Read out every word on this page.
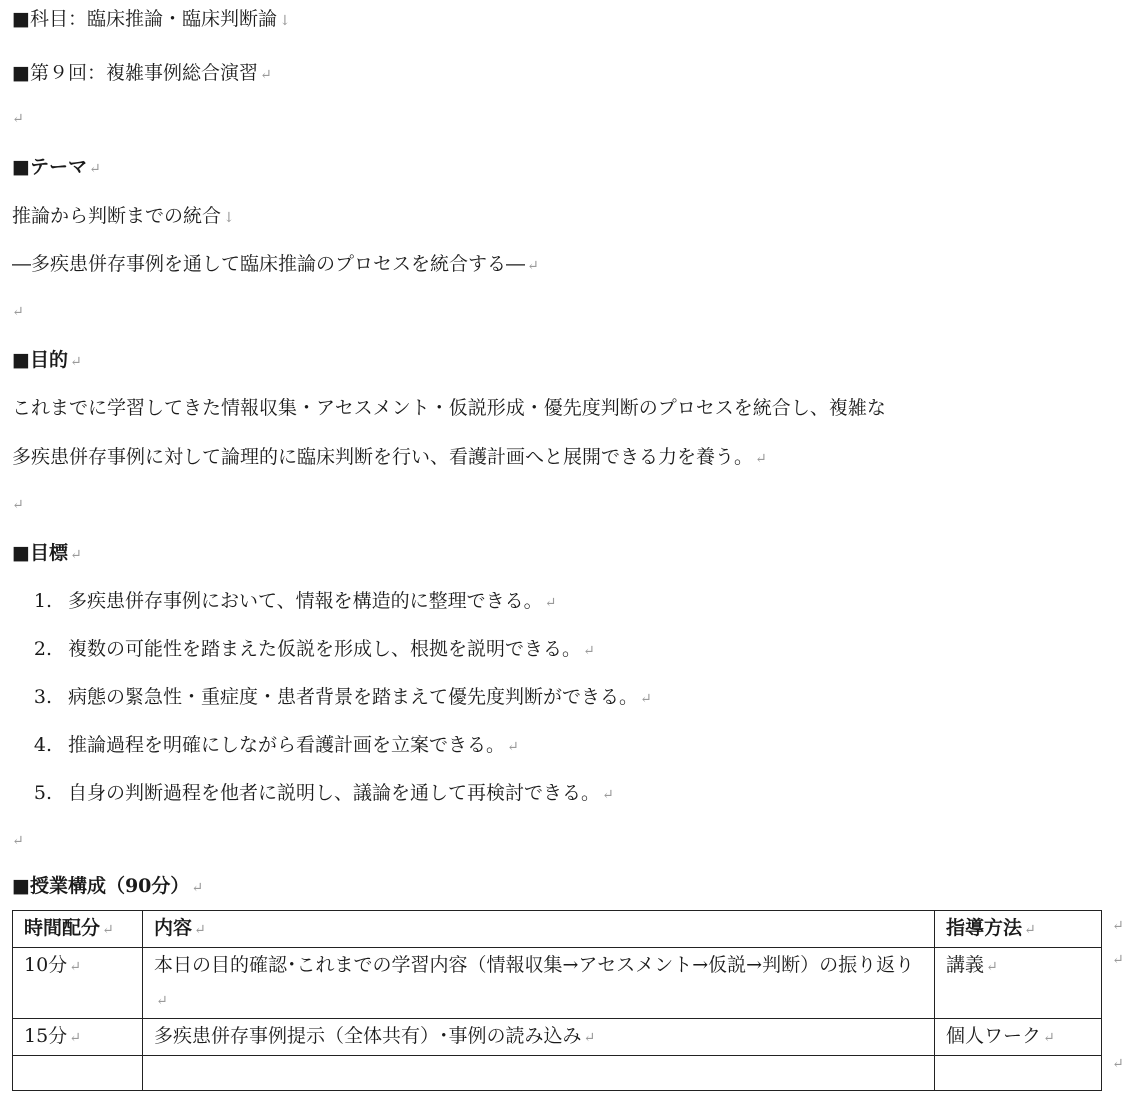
■科目：臨床推論・臨床判断論 ↓
■第９回：複雑事例総合演習 ↵
↵
■テーマ ↵
推論から判断までの統合 ↓
―多疾患併存事例を通して臨床推論のプロセスを統合する― ↵
↵
■目的 ↵
これまでに学習してきた情報収集・アセスメント・仮説形成・優先度判断のプロセスを統合し、複雑な
多疾患併存事例に対して論理的に臨床判断を行い、看護計画へと展開できる力を養う。 ↵
↵
■目標 ↵
1. 多疾患併存事例において、情報を構造的に整理できる。 ↵
2. 複数の可能性を踏まえた仮説を形成し、根拠を説明できる。 ↵
3. 病態の緊急性・重症度・患者背景を踏まえて優先度判断ができる。 ↵
4. 推論過程を明確にしながら看護計画を立案できる。 ↵
5. 自身の判断過程を他者に説明し、議論を通して再検討できる。 ↵
↵
■授業構成（90分） ↵
時間配分 ↵	内容 ↵	指導方法 ↵
10分 ↵	本日の目的確認･これまでの学習内容（情報収集→アセスメント→仮説→判断）の振り返り↵	講義 ↵
15分 ↵	多疾患併存事例提示（全体共有）･事例の読み込み ↵	個人ワーク ↵

↵
↵
↵
